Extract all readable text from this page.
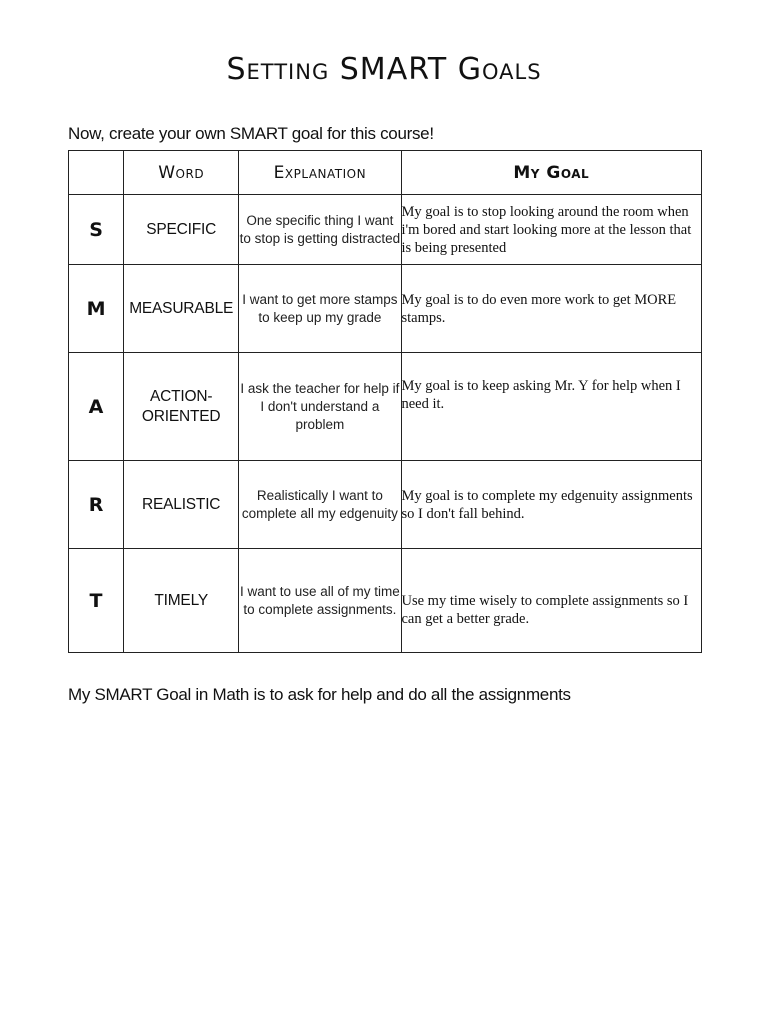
Setting SMART Goals

Now, create your own SMART goal for this course!

	Word	Explanation	My Goal
S	SPECIFIC	One specific thing I want to stop is getting distracted	My goal is to stop looking around the room when i'm bored and start looking more at the lesson that is being presented
M	MEASURABLE	I want to get more stamps to keep up my grade	My goal is to do even more work to get MORE stamps.
A	ACTION-ORIENTED	I ask the teacher for help if I don't understand a problem	My goal is to keep asking Mr. Y for help when I need it.
R	REALISTIC	Realistically I want to complete all my edgenuity	My goal is to complete my edgenuity assignments so I don't fall behind.
T	TIMELY	I want to use all of my time to complete assignments.	Use my time wisely to complete assignments so I can get a better grade.

My SMART Goal in Math is to ask for help and do all the assignments
